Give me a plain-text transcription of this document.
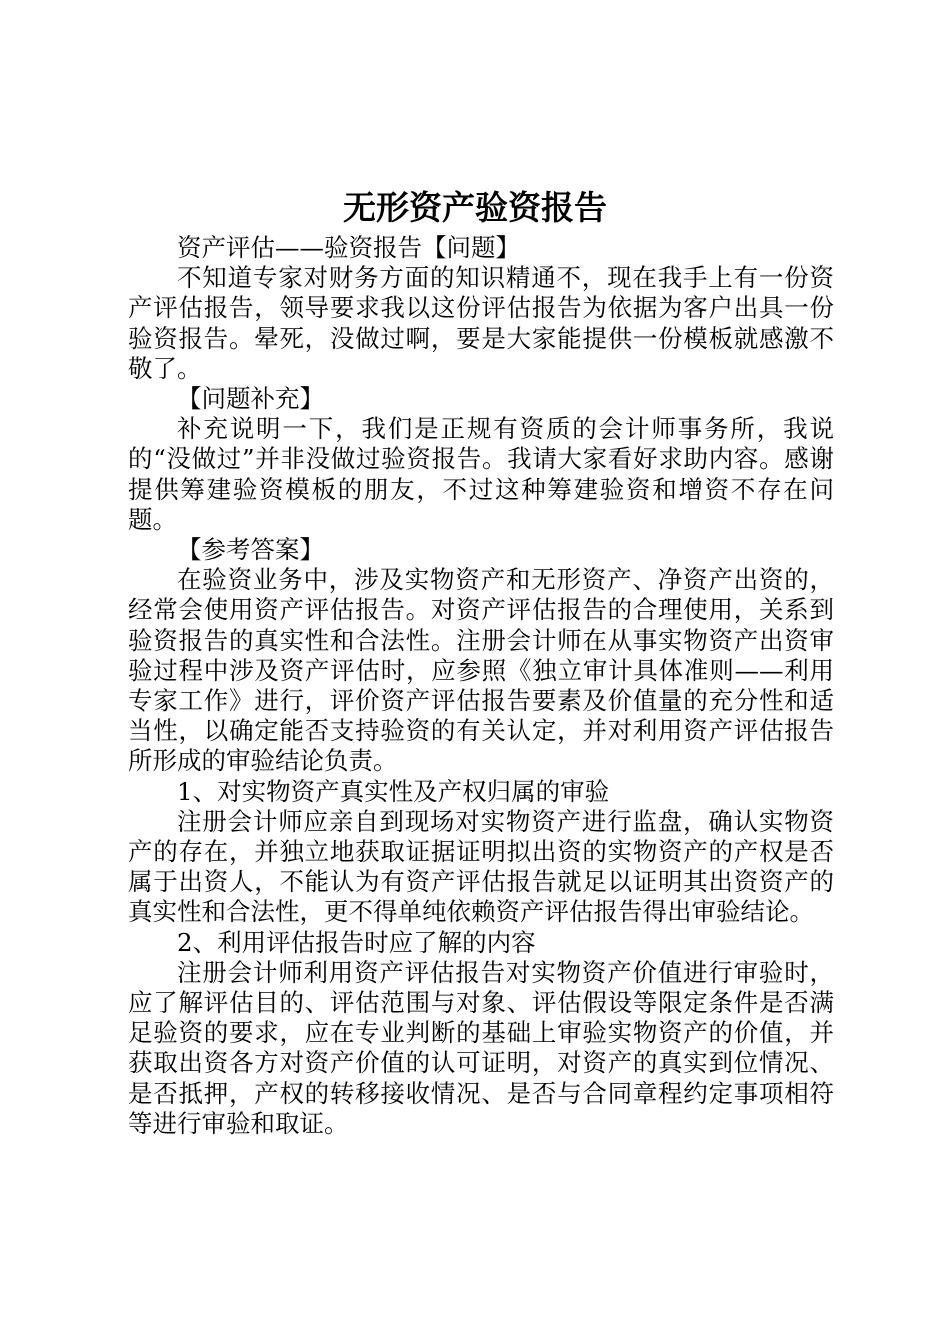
无形资产验资报告

资产评估——验资报告【问题】

不知道专家对财务方面的知识精通不，现在我手上有一份资产评估报告，领导要求我以这份评估报告为依据为客户出具一份验资报告。晕死，没做过啊，要是大家能提供一份模板就感激不敬了。

【问题补充】

补充说明一下，我们是正规有资质的会计师事务所，我说的“没做过”并非没做过验资报告。我请大家看好求助内容。感谢提供筹建验资模板的朋友，不过这种筹建验资和增资不存在问题。

【参考答案】

在验资业务中，涉及实物资产和无形资产、净资产出资的，经常会使用资产评估报告。对资产评估报告的合理使用，关系到验资报告的真实性和合法性。注册会计师在从事实物资产出资审验过程中涉及资产评估时，应参照《独立审计具体准则——利用专家工作》进行，评价资产评估报告要素及价值量的充分性和适当性，以确定能否支持验资的有关认定，并对利用资产评估报告所形成的审验结论负责。

1、对实物资产真实性及产权归属的审验

注册会计师应亲自到现场对实物资产进行监盘，确认实物资产的存在，并独立地获取证据证明拟出资的实物资产的产权是否属于出资人，不能认为有资产评估报告就足以证明其出资资产的真实性和合法性，更不得单纯依赖资产评估报告得出审验结论。

2、利用评估报告时应了解的内容

注册会计师利用资产评估报告对实物资产价值进行审验时，应了解评估目的、评估范围与对象、评估假设等限定条件是否满足验资的要求，应在专业判断的基础上审验实物资产的价值，并获取出资各方对资产价值的认可证明，对资产的真实到位情况、是否抵押，产权的转移接收情况、是否与合同章程约定事项相符等进行审验和取证。
